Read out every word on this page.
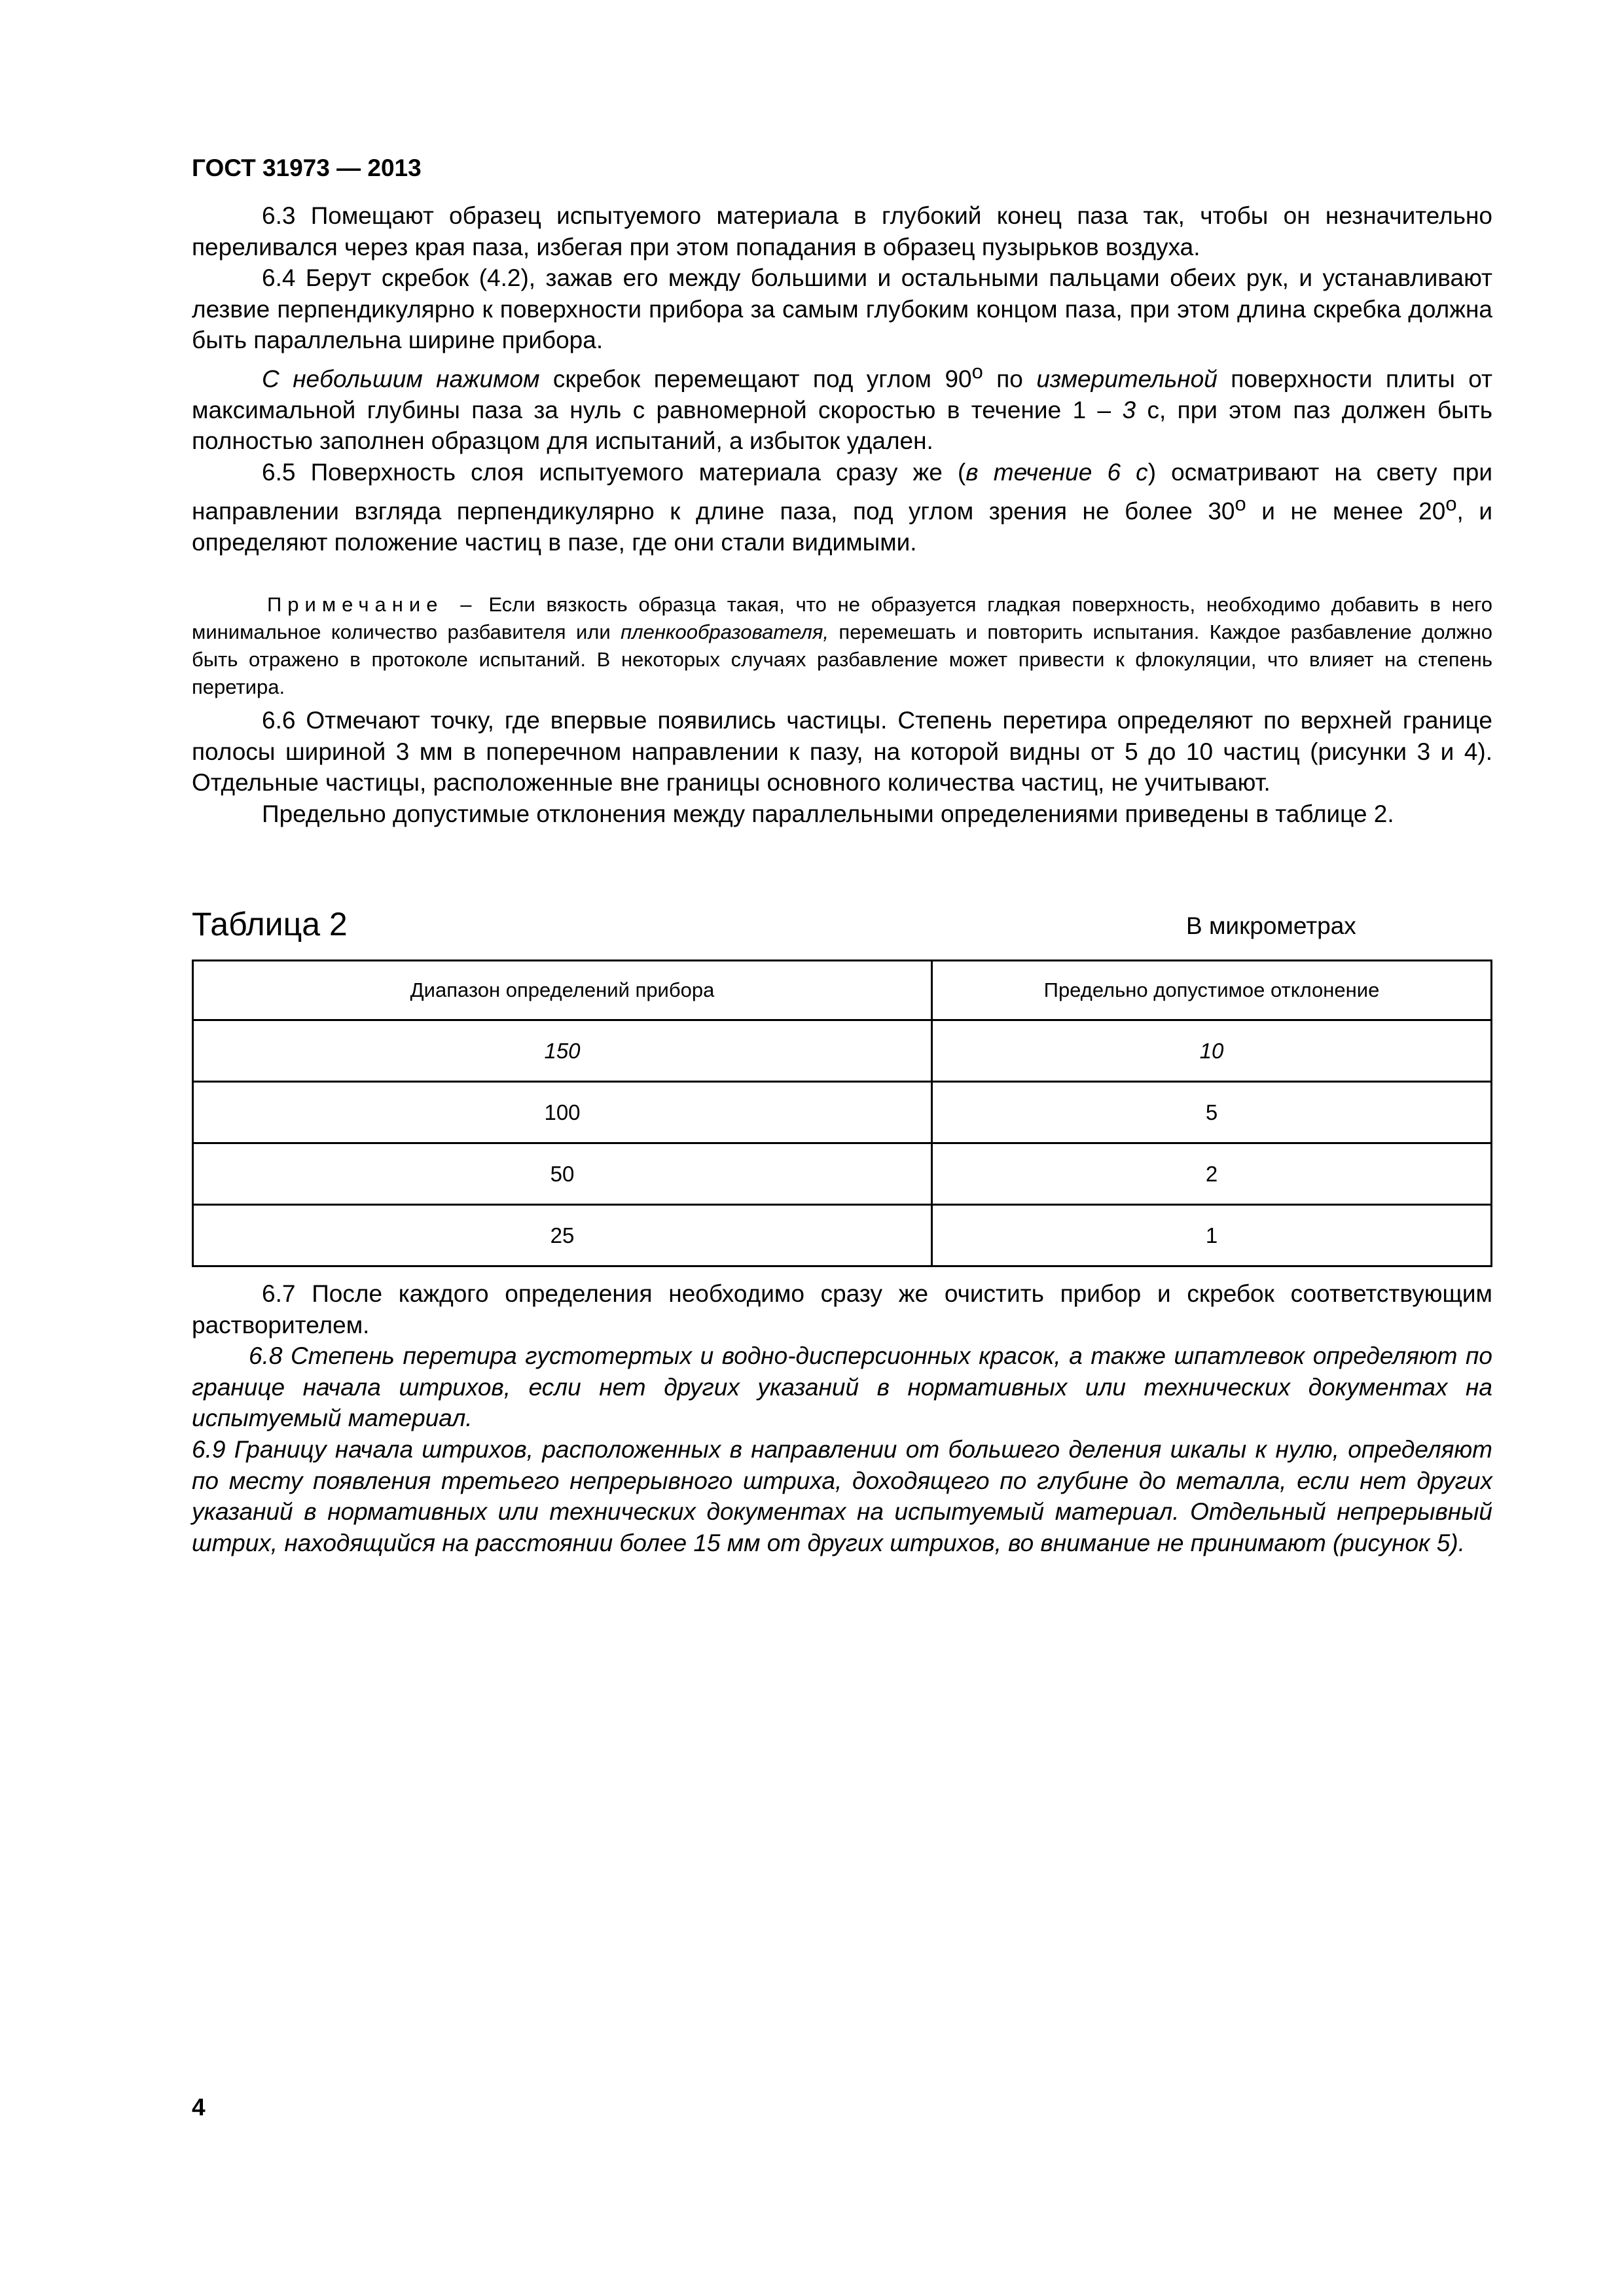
ГОСТ 31973 — 2013

6.3 Помещают образец испытуемого материала в глубокий конец паза так, чтобы он незначительно переливался через края паза, избегая при этом попадания в образец пузырьков воздуха.

6.4 Берут скребок (4.2), зажав его между большими и остальными пальцами обеих рук, и устанавливают лезвие перпендикулярно к поверхности прибора за самым глубоким концом паза, при этом длина скребка должна быть параллельна ширине прибора.

С небольшим нажимом скребок перемещают под углом $90^о$ по измерительной поверхности плиты от максимальной глубины паза за нуль с равномерной скоростью в течение 1 – 3 с, при этом паз должен быть полностью заполнен образцом для испытаний, а избыток удален.

6.5 Поверхность слоя испытуемого материала сразу же (в течение 6 с) осматривают на свету при направлении взгляда перпендикулярно к длине паза, под углом зрения не более $30^о$ и не менее $20^о$, и определяют положение частиц в пазе, где они стали видимыми.

Примечание – Если вязкость образца такая, что не образуется гладкая поверхность, необходимо добавить в него минимальное количество разбавителя или пленкообразователя, перемешать и повторить испытания. Каждое разбавление должно быть отражено в протоколе испытаний. В некоторых случаях разбавление может привести к флокуляции, что влияет на степень перетира.

6.6 Отмечают точку, где впервые появились частицы. Степень перетира определяют по верхней границе полосы шириной 3 мм в поперечном направлении к пазу, на которой видны от 5 до 10 частиц (рисунки 3 и 4). Отдельные частицы, расположенные вне границы основного количества частиц, не учитывают.

Предельно допустимые отклонения между параллельными определениями приведены в таблице 2.

Таблица 2	В микрометрах
Диапазон определений прибора	Предельно допустимое отклонение
150	10
100	5
50	2
25	1

6.7 После каждого определения необходимо сразу же очистить прибор и скребок соответствующим растворителем.

6.8 Степень перетира густотертых и водно-дисперсионных красок, а также шпатлевок определяют по границе начала штрихов, если нет других указаний в нормативных или технических документах на испытуемый материал.

6.9 Границу начала штрихов, расположенных в направлении от большего деления шкалы к нулю, определяют по месту появления третьего непрерывного штриха, доходящего по глубине до металла, если нет других указаний в нормативных или технических документах на испытуемый материал. Отдельный непрерывный штрих, находящийся на расстоянии более 15 мм от других штрихов, во внимание не принимают (рисунок 5).

4
